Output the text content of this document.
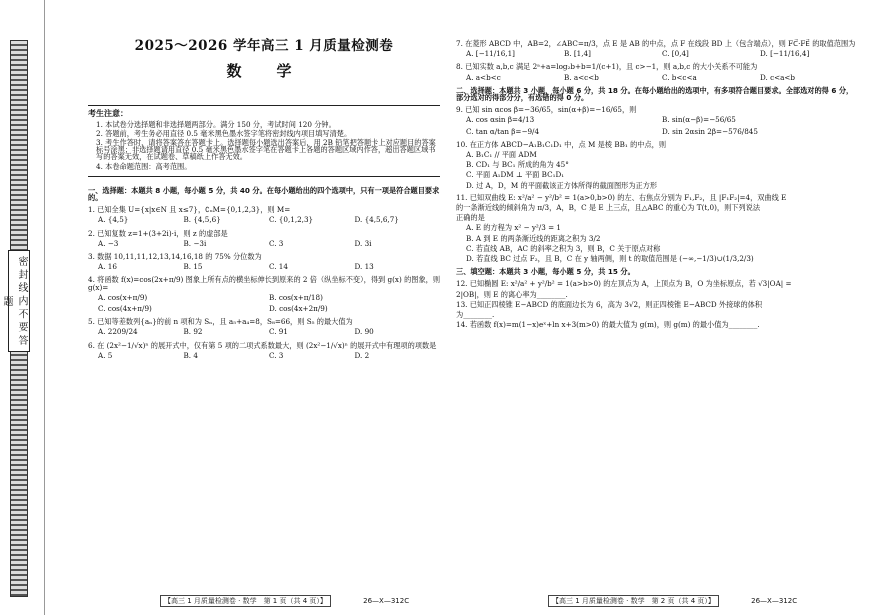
密 封 线 内 不 要 答 题
2025～2026 学年高三 1 月质量检测卷
数　学
考生注意：
1. 本试卷分选择题和非选择题两部分。满分 150 分，考试时间 120 分钟。
2. 答题前，考生务必用直径 0.5 毫米黑色墨水签字笔将密封线内项目填写清楚。
3. 考生作答时，请将答案答在答题卡上。选择题每小题选出答案后，用 2B 铅笔把答题卡上对应题目的答案标号涂黑；非选择题请用直径 0.5 毫米黑色墨水签字笔在答题卡上各题的答题区域内作答，超出答题区域书写的答案无效，在试题卷、草稿纸上作答无效。
4. 本卷命题范围：高考范围。
一、选择题：本题共 8 小题，每小题 5 分，共 40 分。在每小题给出的四个选项中，只有一项是符合题目要求的。
1. 已知全集 U={x|x∈N 且 x≤7}，∁ᵤM={0,1,2,3}，则 M=
A. {4,5}	B. {4,5,6}	C. {0,1,2,3}	D. {4,5,6,7}
2. 已知复数 z=1+(3+2i)·i，则 z 的虚部是
A. −3	B. −3i	C. 3	D. 3i
3. 数据 10,11,11,12,13,14,16,18 的 75% 分位数为
A. 16	B. 15	C. 14	D. 13
4. 将函数 f(x)=cos(2x+π/9) 图象上所有点的横坐标伸长到原来的 2 倍（纵坐标不变），得到 g(x) 的图象，则 g(x)=
A. cos(x+π/9)	B. cos(x+π/18)
C. cos(4x+π/9)	D. cos(4x+2π/9)
5. 已知等差数列{aₙ}的前 n 项和为 Sₙ，且 a₅+a₄=8，S₈=66，则 S₅ 的最大值为
A. 2209/24	B. 92	C. 91	D. 90
6. 在 (2x²−1/√x)ⁿ 的展开式中，仅有第 5 项的二项式系数最大，则 (2x²−1/√x)ⁿ 的展开式中有理项的项数是
A. 5	B. 4	C. 3	D. 2
7. 在菱形 ABCD 中，AB=2，∠ABC=π/3，点 E 是 AB 的中点，点 F 在线段 BD 上（包含端点），则 FC⃗·FE⃗ 的取值范围为
A. [−11/16,1]	B. [1,4]	C. [0,4]	D. [−11/16,4]
8. 已知实数 a,b,c 满足 2ᵃ+a=log₂b+b=1/(c+1)，且 c>−1，则 a,b,c 的大小关系不可能为
A. a<b<c	B. a<c<b	C. b<c<a	D. c<a<b
二、选择题：本题共 3 小题，每小题 6 分，共 18 分。在每小题给出的选项中，有多项符合题目要求。全部选对的得 6 分，部分选对的得部分分，有选错的得 0 分。
9. 已知 sin αcos β=−36/65，sin(α+β)=−16/65，则
A. cos αsin β=4/13	B. sin(α−β)=−56/65
C. tan α/tan β=−9/4	D. sin 2αsin 2β=−576/845
10. 在正方体 ABCD−A₁B₁C₁D₁ 中，点 M 是棱 BB₁ 的中点，则
A. B₁C₁ // 平面 ADM
B. CD₁ 与 BC₁ 所成的角为 45°
C. 平面 A₁DM ⊥ 平面 BC₁D₁
D. 过 A，D，M 的平面截该正方体所得的截面图形为正方形
11. 已知双曲线 E: x²/a² − y²/b² = 1(a>0,b>0) 的左、右焦点分别为 F₁,F₂，且 |F₁F₂|=4，双曲线 E
的一条渐近线的倾斜角为 π/3，A，B，C 是 E 上三点，且△ABC 的重心为 T(t,0)，则下列说法
正确的是
A. E 的方程为 x² − y²/3 = 1
B. A 到 E 的两条渐近线的距离之积为 3/2
C. 若直线 AB，AC 的斜率之积为 3，则 B，C 关于原点对称
D. 若直线 BC 过点 F₂，且 B，C 在 y 轴两侧，则 t 的取值范围是 (−∞,−1/3)∪(1/3,2/3)
三、填空题：本题共 3 小题，每小题 5 分，共 15 分。
12. 已知椭圆 E: x²/a² + y²/b² = 1(a>b>0) 的左顶点为 A，上顶点为 B，O 为坐标原点，若 √3|OA| =
2|OB|，则 E 的离心率为________.
13. 已知正四棱锥 E−ABCD 的底面边长为 6，高为 3√2，则正四棱锥 E−ABCD 外接球的体积
为________.
14. 若函数 f(x)=m(1−x)eˣ+ln x+3(m>0) 的最大值为 g(m)，则 g(m) 的最小值为________.
【高三 1 月质量检测卷 · 数学　第 1 页（共 4 页）】	26—X—312C	【高三 1 月质量检测卷 · 数学　第 2 页（共 4 页）】	26—X—312C
